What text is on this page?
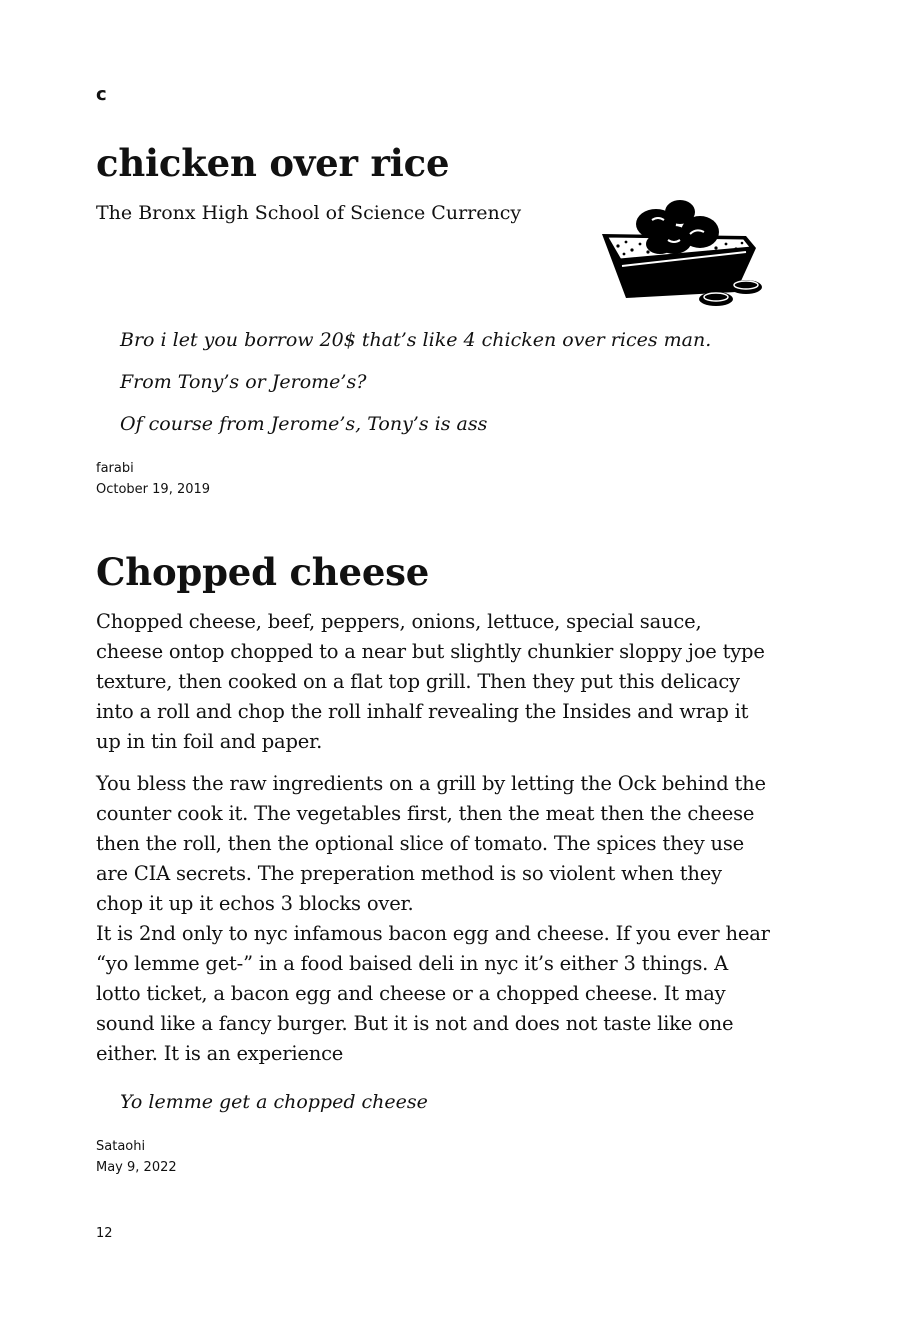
c
chicken over rice

The Bronx High School of Science Currency

Bro i let you borrow 20$ that’s like 4 chicken over rices man.

From Tony’s or Jerome’s?

Of course from Jerome’s, Tony’s is ass

farabi
October 19, 2019
Chopped cheese

Chopped cheese, beef, peppers, onions, lettuce, special sauce, cheese ontop chopped to a near but slightly chunkier sloppy joe type texture, then cooked on a flat top grill. Then they put this delicacy into a roll and chop the roll inhalf revealing the Insides and wrap it up in tin foil and paper.

You bless the raw ingredients on a grill by letting the Ock behind the counter cook it. The vegetables first, then the meat then the cheese then the roll, then the optional slice of tomato. The spices they use are CIA secrets. The preperation method is so violent when they chop it up it echos 3 blocks over.

It is 2nd only to nyc infamous bacon egg and cheese. If you ever hear “yo lemme get-” in a food baised deli in nyc it’s either 3 things. A lotto ticket, a bacon egg and cheese or a chopped cheese. It may sound like a fancy burger. But it is not and does not taste like one either. It is an experience

Yo lemme get a chopped cheese

Sataohi
May 9, 2022
12
